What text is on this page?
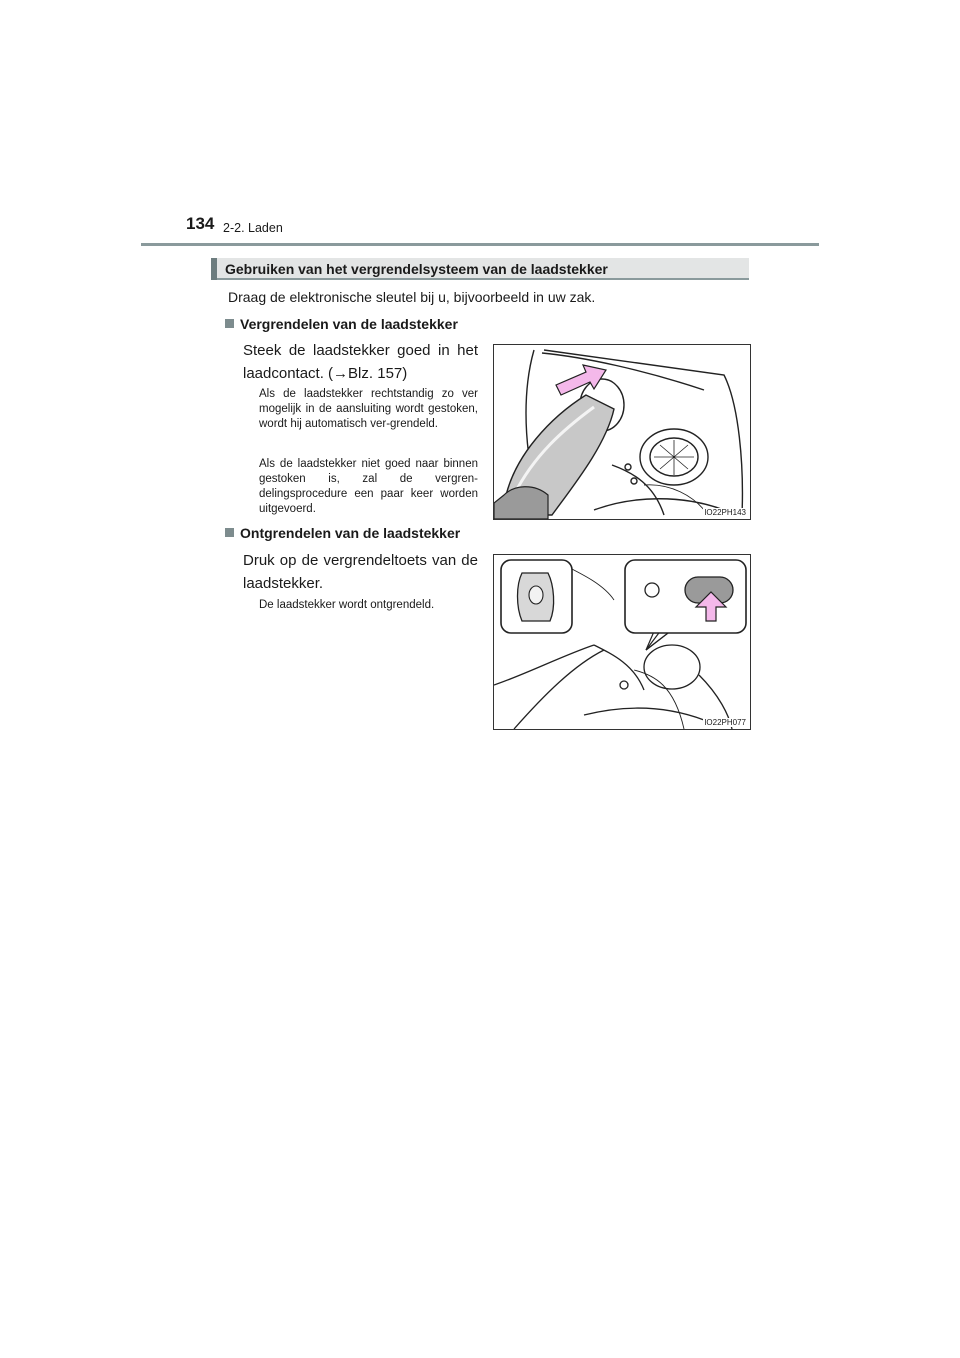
134 2-2. Laden
Gebruiken van het vergrendelsysteem van de laadstekker
Draag de elektronische sleutel bij u, bijvoorbeeld in uw zak.
Vergrendelen van de laadstekker
Steek de laadstekker goed in het laadcontact. (→Blz. 157)
Als de laadstekker rechtstandig zo ver mogelijk in de aansluiting wordt gestoken, wordt hij automatisch ver-grendeld.
Als de laadstekker niet goed naar binnen gestoken is, zal de vergren-delingsprocedure een paar keer worden uitgevoerd.	IO22PH143
Ontgrendelen van de laadstekker
Druk op de vergrendeltoets van de laadstekker.
De laadstekker wordt ontgrendeld.
IO22PH077
